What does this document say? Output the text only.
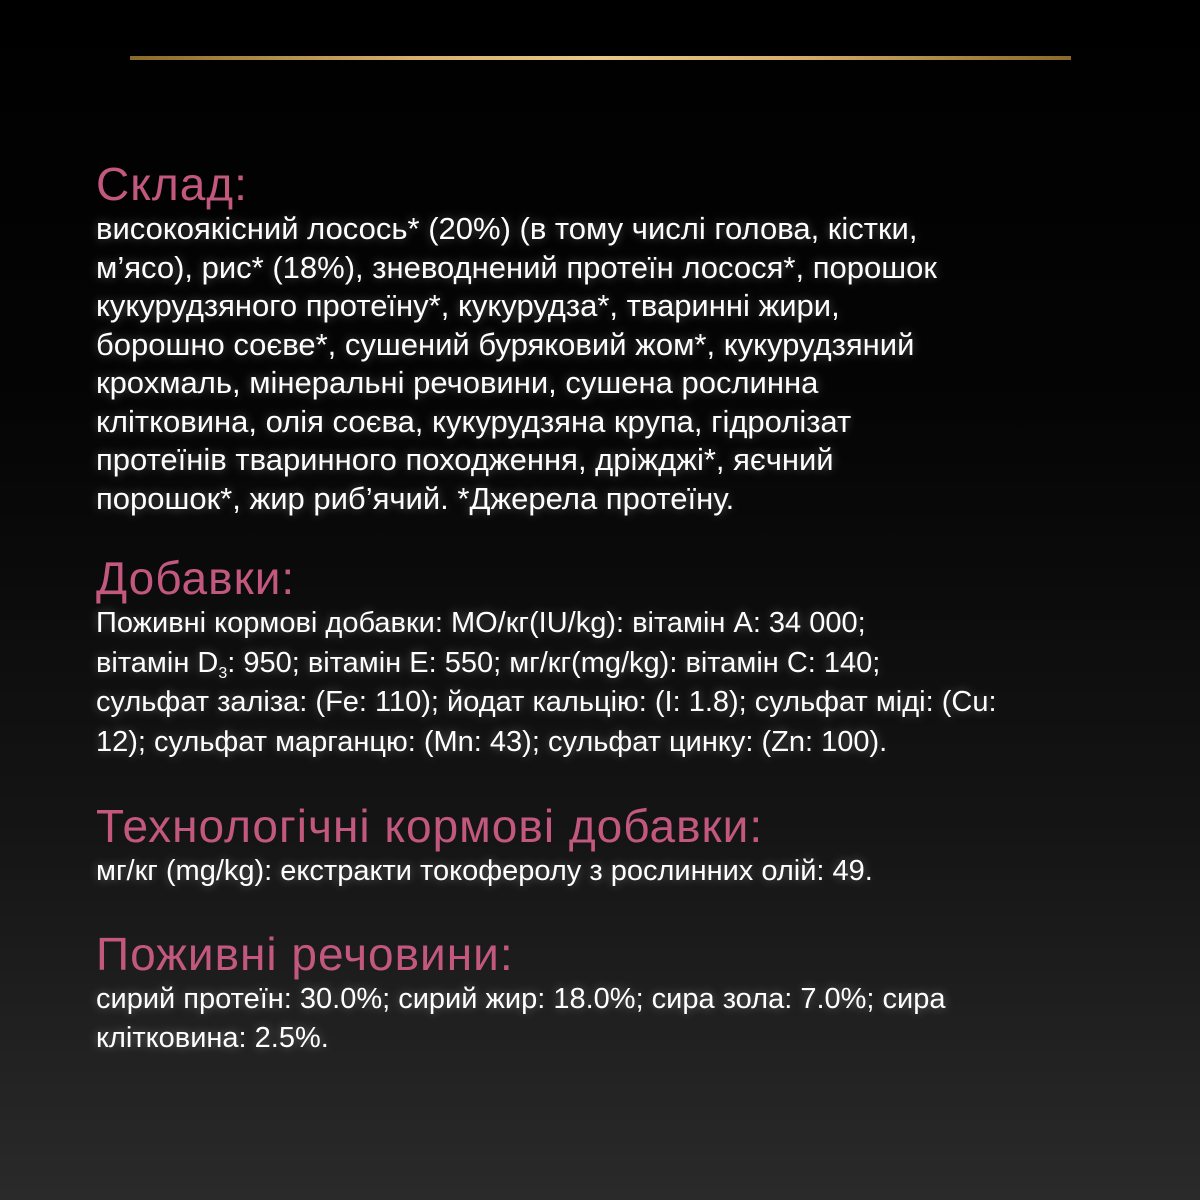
Склад:

високоякісний лосось* (20%) (в тому числі голова, кістки,
м’ясо), рис* (18%), зневоднений протеїн лосося*, порошок
кукурудзяного протеїну*, кукурудза*, тваринні жири,
борошно соєве*, сушений буряковий жом*, кукурудзяний
крохмаль, мінеральні речовини, сушена рослинна
клітковина, олія соєва, кукурудзяна крупа, гідролізат
протеїнів тваринного походження, дріжджі*, яєчний
порошок*, жир риб’ячий. *Джерела протеїну.

Добавки:

Поживні кормові добавки: МО/кг(IU/kg): вітамін А: 34 000;
вітамін $D_3$: 950; вітамін Е: 550; мг/кг(mg/kg): вітамін С: 140;
сульфат заліза: (Fe: 110); йодат кальцію: (I: 1.8); сульфат міді: (Cu:
12); сульфат марганцю: (Mn: 43); сульфат цинку: (Zn: 100).

Технологічні кормові добавки:

мг/кг (mg/kg): екстракти токоферолу з рослинних олій: 49.

Поживні речовини:

сирий протеїн: 30.0%; сирий жир: 18.0%; сира зола: 7.0%; сира
клітковина: 2.5%.
